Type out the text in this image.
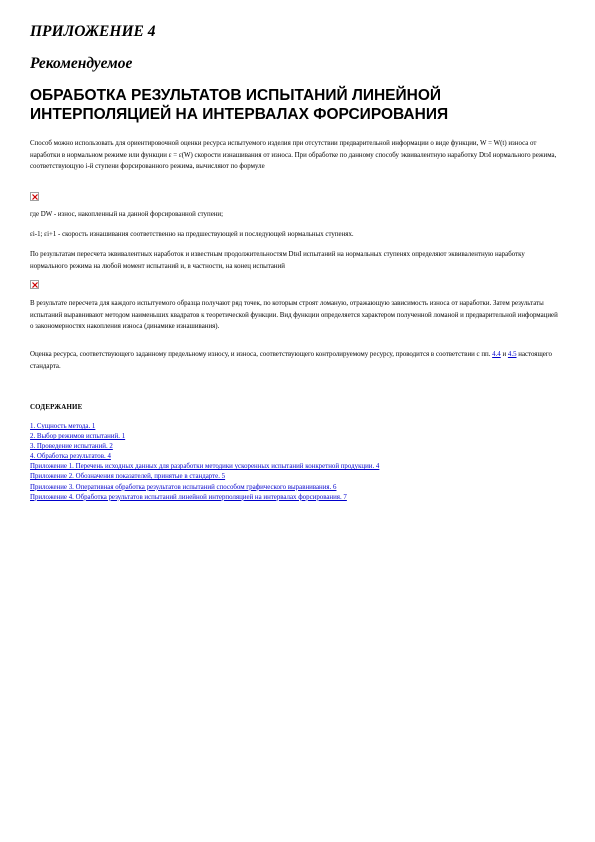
ПРИЛОЖЕНИЕ 4
Рекомендуемое
ОБРАБОТКА РЕЗУЛЬТАТОВ ИСПЫТАНИЙ ЛИНЕЙНОЙ
ИНТЕРПОЛЯЦИЕЙ НА ИНТЕРВАЛАХ ФОРСИРОВАНИЯ

Способ можно использовать для ориентировочной оценки ресурса испытуемого изделия при отсутствии предварительной информации о виде функции, W = W(t) износа от наработки в нормальном режиме или функции ε = ε(W) скорости изнашивания от износа. При обработке по данному способу эквивалентную наработку DtэI нормального режима, соответствующую i-й ступени форсированного режима, вычисляют по формуле

где DW - износ, накопленный на данной форсированной ступени;

εi-1; εi+1 - скорость изнашивания соответственно на предшествующей и последующей нормальных ступенях.

По результатам пересчета эквивалентных наработок и известным продолжительностям DtнI испытаний на нормальных ступенях определяют эквивалентную наработку нормального режима на любой момент испытаний и, в частности, на конец испытаний

В результате пересчета для каждого испытуемого образца получают ряд точек, по которым строят ломаную, отражающую зависимость износа от наработки. Затем результаты испытаний выравнивают методом наименьших квадратов к теоретической функции. Вид функции определяется характером полученной ломаной и предварительной информацией о закономерностях накопления износа (динамике изнашивания).

Оценка ресурса, соответствующего заданному предельному износу, и износа, соответствующего контролируемому ресурсу, проводится в соответствии с пп. 4.4 и 4.5 настоящего стандарта.

СОДЕРЖАНИЕ

1. Сущность метода. 1
2. Выбор режимов испытаний. 1
3. Проведение испытаний. 2
4. Обработка результатов. 4
Приложение 1. Перечень исходных данных для разработки методики ускоренных испытаний конкретной продукции. 4
Приложение 2. Обозначения показателей, принятые в стандарте. 5
Приложение 3. Оперативная обработка результатов испытаний способом графического выравнивания. 6
Приложение 4. Обработка результатов испытаний линейной интерполяцией на интервалах форсирования. 7
